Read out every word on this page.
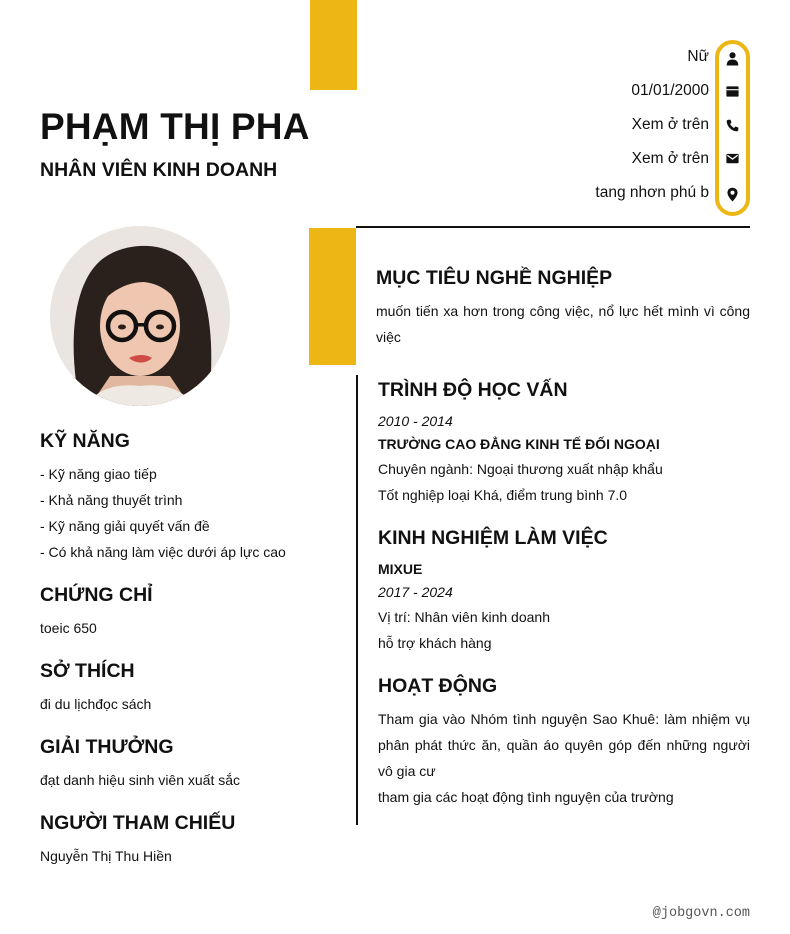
PHẠM THỊ PHA
NHÂN VIÊN KINH DOANH
Nữ
01/01/2000
Xem ở trên
Xem ở trên
tang nhơn phú b
KỸ NĂNG
- Kỹ năng giao tiếp
- Khả năng thuyết trình
- Kỹ năng giải quyết vấn đề
- Có khả năng làm việc dưới áp lực cao
CHỨNG CHỈ
toeic 650
SỞ THÍCH
đi du lịchđọc sách
GIẢI THƯỞNG
đạt danh hiệu sinh viên xuất sắc
NGƯỜI THAM CHIẾU
Nguyễn Thị Thu Hiền
MỤC TIÊU NGHỀ NGHIỆP
muốn tiến xa hơn trong công việc, nổ lực hết mình vì công việc
TRÌNH ĐỘ HỌC VẤN
2010 - 2014
TRƯỜNG CAO ĐẲNG KINH TẾ ĐỐI NGOẠI
Chuyên ngành: Ngoại thương xuất nhập khẩu
Tốt nghiệp loại Khá, điểm trung bình 7.0
KINH NGHIỆM LÀM VIỆC
MIXUE
2017 - 2024
Vị trí: Nhân viên kinh doanh
hỗ trợ khách hàng
HOẠT ĐỘNG
Tham gia vào Nhóm tình nguyện Sao Khuê: làm nhiệm vụ phân phát thức ăn, quần áo quyên góp đến những người vô gia cư
tham gia các hoạt động tình nguyện của trường
@jobgovn.com
